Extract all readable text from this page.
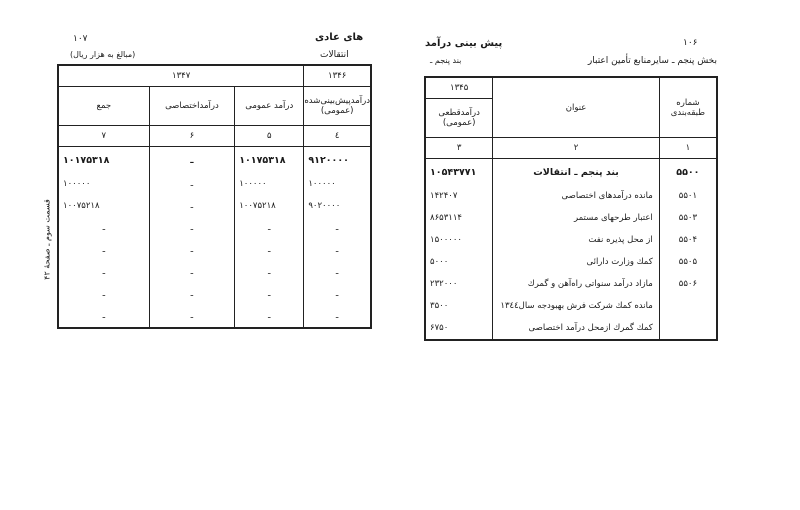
۱۰۶
پیش بینی درآمد
بخش پنجم ـ سایرمنابع تأمین اعتبار
بند پنجم ـ
شماره طبقه‌بندی	عنوان	۱۳۴۵
		درآمدقطعی (عمومی)
۱	۲	۳
۵۵۰۰	بند پنجم ـ انتقالات	۱۰۵۴۳۷۷۱
۵۵۰۱	مانده درآمدهای اختصاصی	۱۴۲۴۰۷
۵۵۰۳	اعتبار طرحهای مستمر	۸۶۵۳۱۱۴
۵۵۰۴	از محل پذیره نفت	۱۵۰۰۰۰۰
۵۵۰۵	کمك وزارت دارائی	۵۰۰۰
۵۵۰۶	مازاد درآمد سنواتی راه‌آهن و گمرك	۲۳۲۰۰۰
	مانده کمك شرکت فرش بهبودجه سال۱۳٤٤	۳۵۰۰
	کمك گمرك ازمحل درآمد اختصاصی	۶۷۵۰
های عادی
انتقالات
۱۰۷
(مبالغ به هزار ریال)
قسمت سوم ـ صفحهٔ ۴۲
۱۳۴۶	۱۳۴۷		
درآمدپیش‌بینی‌شده (عمومی)	درآمد عمومی	درآمداختصاصی	جمع
٤	۵	۶	۷
۹۱۲۰۰۰۰	۱۰۱۷۵۳۱۸	ـ	۱۰۱۷۵۳۱۸
۱۰۰۰۰۰	۱۰۰۰۰۰	ـ	۱۰۰۰۰۰
۹۰۲۰۰۰۰	۱۰۰۷۵۲۱۸	ـ	۱۰۰۷۵۲۱۸
ـ	ـ	ـ	ـ
ـ	ـ	ـ	ـ
ـ	ـ	ـ	ـ
ـ	ـ	ـ	ـ
ـ	ـ	ـ	ـ
